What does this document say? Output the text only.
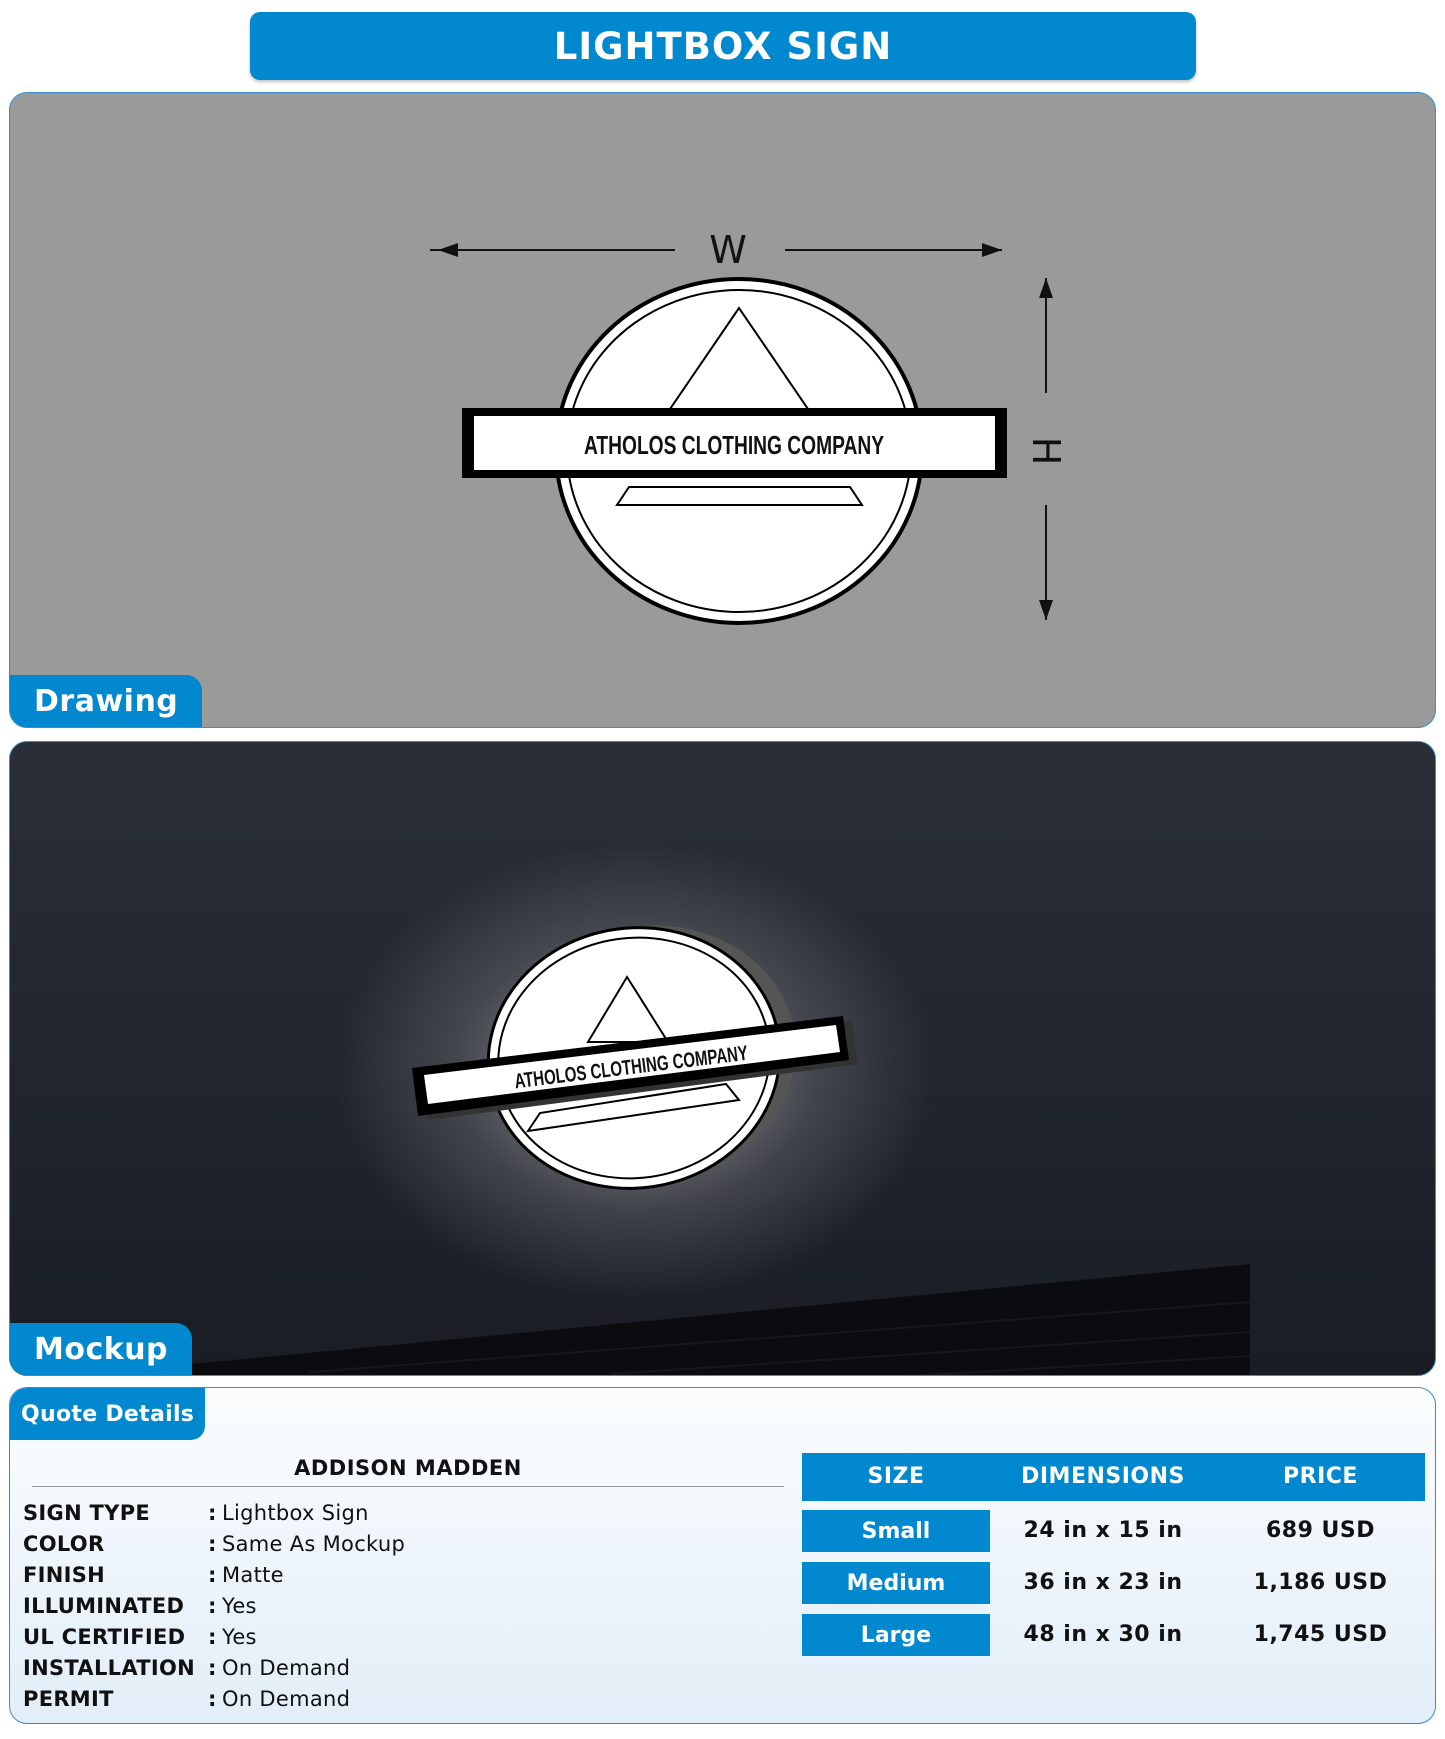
LIGHTBOX SIGN
W
H
ATHOLOS CLOTHING COMPANY
Drawing
ATHOLOS CLOTHING COMPANY
Mockup
Quote Details
ADDISON MADDEN
SIGN TYPE	: Lightbox Sign
COLOR	: Same As Mockup
FINISH	: Matte
ILLUMINATED	: Yes
UL CERTIFIED	: Yes
INSTALLATION : On Demand
PERMIT	: On Demand
SIZE	DIMENSIONS	PRICE
Small	24 in x 15 in	689 USD
Medium	36 in x 23 in	1,186 USD
Large	48 in x 30 in	1,745 USD
